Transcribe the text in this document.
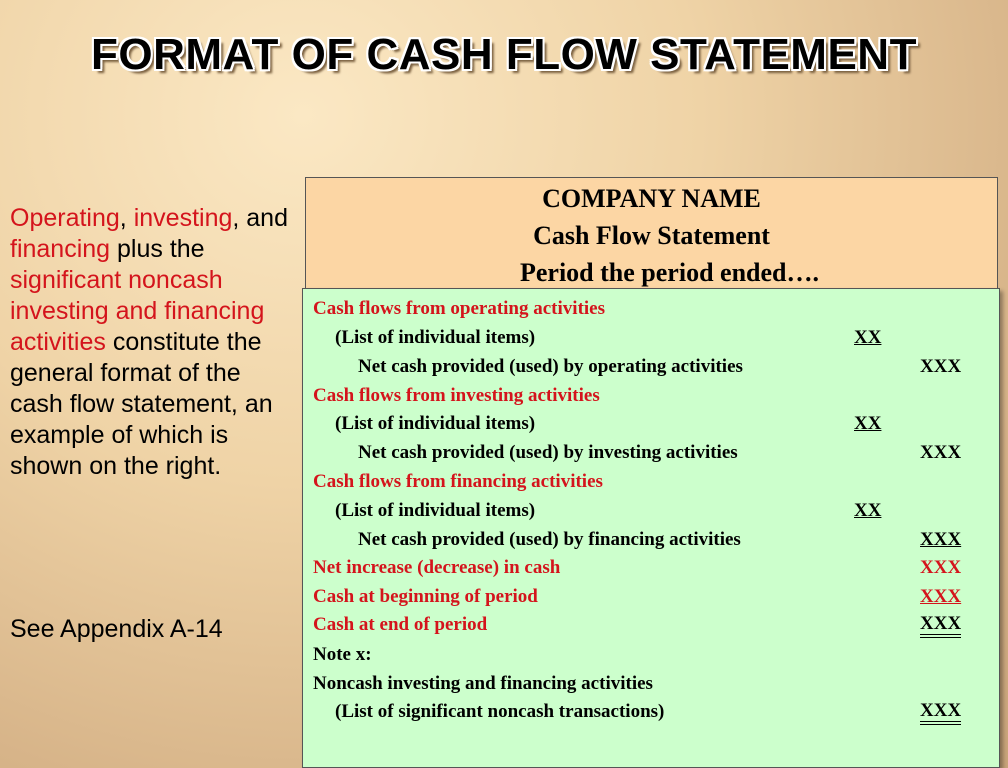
FORMAT OF CASH FLOW STATEMENT
Operating, investing, and financing plus the significant noncash investing and financing activities constitute the general format of the cash flow statement, an example of which is shown on the right.
See Appendix A-14
COMPANY NAME
Cash Flow Statement
Period the period ended….
Cash flows from operating activities
(List of individual items)	XX
Net cash provided (used) by operating activities	XXX
Cash flows from investing activities
(List of individual items)	XX
Net cash provided (used) by investing activities	XXX
Cash flows from financing activities
(List of individual items)	XX
Net cash provided (used) by financing activities	XXX
Net increase (decrease) in cash	XXX
Cash at beginning of period	XXX
Cash at end of period	XXX
Note x:
Noncash investing and financing activities
(List of significant noncash transactions)	XXX
